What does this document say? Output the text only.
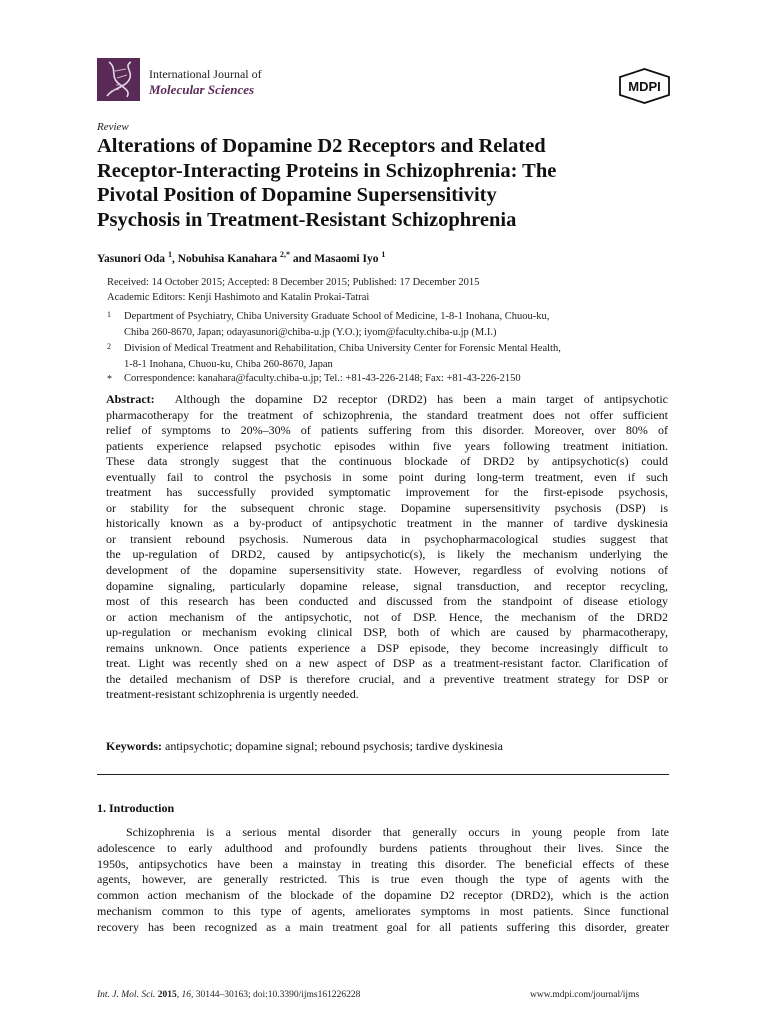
International Journal of
Molecular Sciences	MDPI
Review
Alterations of Dopamine D2 Receptors and Related
Receptor-Interacting Proteins in Schizophrenia: The
Pivotal Position of Dopamine Supersensitivity
Psychosis in Treatment-Resistant Schizophrenia
Yasunori Oda $^1$, Nobuhisa Kanahara $^{2,*}$ and Masaomi Iyo $^1$
Received: 14 October 2015; Accepted: 8 December 2015; Published: 17 December 2015
Academic Editors: Kenji Hashimoto and Katalin Prokai-Tatrai
1 Department of Psychiatry, Chiba University Graduate School of Medicine, 1-8-1 Inohana, Chuou-ku,
Chiba 260-8670, Japan; odayasunori@chiba-u.jp (Y.O.); iyom@faculty.chiba-u.jp (M.I.)
2 Division of Medical Treatment and Rehabilitation, Chiba University Center for Forensic Mental Health,
1-8-1 Inohana, Chuou-ku, Chiba 260-8670, Japan
* Correspondence: kanahara@faculty.chiba-u.jp; Tel.: +81-43-226-2148; Fax: +81-43-226-2150
Abstract: Although the dopamine D2 receptor (DRD2) has been a main target of antipsychotic
pharmacotherapy for the treatment of schizophrenia, the standard treatment does not offer sufficient
relief of symptoms to 20%–30% of patients suffering from this disorder. Moreover, over 80% of
patients experience relapsed psychotic episodes within five years following treatment initiation.
These data strongly suggest that the continuous blockade of DRD2 by antipsychotic(s) could
eventually fail to control the psychosis in some point during long-term treatment, even if such
treatment has successfully provided symptomatic improvement for the first-episode psychosis,
or stability for the subsequent chronic stage. Dopamine supersensitivity psychosis (DSP) is
historically known as a by-product of antipsychotic treatment in the manner of tardive dyskinesia
or transient rebound psychosis. Numerous data in psychopharmacological studies suggest that
the up-regulation of DRD2, caused by antipsychotic(s), is likely the mechanism underlying the
development of the dopamine supersensitivity state. However, regardless of evolving notions of
dopamine signaling, particularly dopamine release, signal transduction, and receptor recycling,
most of this research has been conducted and discussed from the standpoint of disease etiology
or action mechanism of the antipsychotic, not of DSP. Hence, the mechanism of the DRD2
up-regulation or mechanism evoking clinical DSP, both of which are caused by pharmacotherapy,
remains unknown. Once patients experience a DSP episode, they become increasingly difficult to
treat. Light was recently shed on a new aspect of DSP as a treatment-resistant factor. Clarification of
the detailed mechanism of DSP is therefore crucial, and a preventive treatment strategy for DSP or
treatment-resistant schizophrenia is urgently needed.
Keywords: antipsychotic; dopamine signal; rebound psychosis; tardive dyskinesia
1. Introduction
Schizophrenia is a serious mental disorder that generally occurs in young people from late
adolescence to early adulthood and profoundly burdens patients throughout their lives. Since the
1950s, antipsychotics have been a mainstay in treating this disorder. The beneficial effects of these
agents, however, are generally restricted. This is true even though the type of agents with the
common action mechanism of the blockade of the dopamine D2 receptor (DRD2), which is the action
mechanism common to this type of agents, ameliorates symptoms in most patients. Since functional
recovery has been recognized as a main treatment goal for all patients suffering this disorder, greater
Int. J. Mol. Sci. 2015, 16, 30144–30163; doi:10.3390/ijms161226228	www.mdpi.com/journal/ijms
